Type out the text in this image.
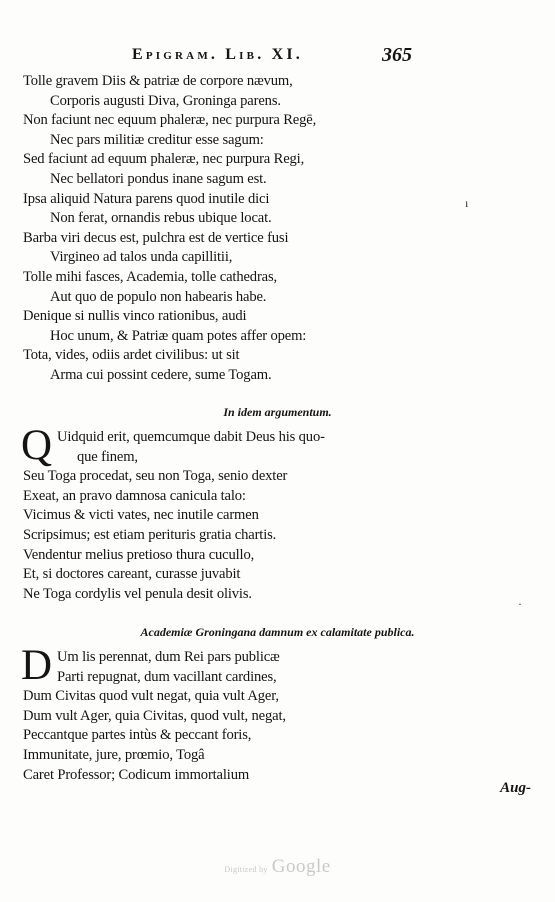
Epigram. Lib. XI.	365

Tolle gravem Diis & patriæ de corpore nævum,

Corporis augusti Diva, Groninga parens.

Non faciunt nec equum phaleræ, nec purpura Regē,

Nec pars militiæ creditur esse sagum:

Sed faciunt ad equum phaleræ, nec purpura Regi,

Nec bellatori pondus inane sagum est.

Ipsa aliquid Natura parens quod inutile dici

Non ferat, ornandis rebus ubique locat.

Barba viri decus est, pulchra est de vertice fusi

Virgineo ad talos unda capillitii,

Tolle mihi fasces, Academia, tolle cathedras,

Aut quo de populo non habearis habe.

Denique si nullis vinco rationibus, audi

Hoc unum, & Patriæ quam potes affer opem:

Tota, vides, odiis ardet civilibus: ut sit

Arma cui possint cedere, sume Togam.

In idem argumentum.

Q Uidquid erit, quemcumque dabit Deus his quo-

que finem,

Seu Toga procedat, seu non Toga, senio dexter

Exeat, an pravo damnosa canicula talo:

Vicimus & victi vates, nec inutile carmen

Scripsimus; est etiam perituris gratia chartis.

Vendentur melius pretioso thura cucullo,

Et, si doctores careant, curasse juvabit

Ne Toga cordylis vel penula desit olivis.

Academiæ Groningana damnum ex calamitate publica.

D Um lis perennat, dum Rei pars publicæ

Parti repugnat, dum vacillant cardines,

Dum Civitas quod vult negat, quia vult Ager,

Dum vult Ager, quia Civitas, quod vult, negat,

Peccantque partes intùs & peccant foris,

Immunitate, jure, prœmio, Togâ

Caret Professor; Codicum immortalium

Aug-
ı
·
Digitized by Google
